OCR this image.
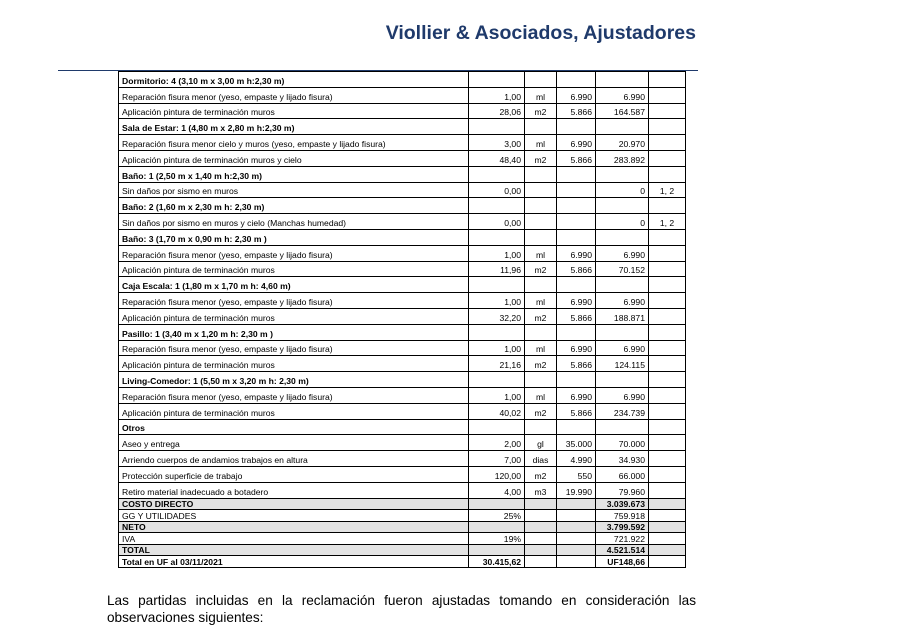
Viollier & Asociados, Ajustadores
Dormitorio: 4 (3,10 m x 3,00 m h:2,30 m)					
Reparación fisura menor (yeso, empaste y lijado fisura)	1,00	ml	6.990	6.990	
Aplicación pintura de terminación muros	28,06	m2	5.866	164.587	
Sala de Estar: 1 (4,80 m x 2,80 m h:2,30 m)					
Reparación fisura menor cielo y muros (yeso, empaste y lijado fisura)	3,00	ml	6.990	20.970	
Aplicación pintura de terminación muros y cielo	48,40	m2	5.866	283.892	
Baño: 1 (2,50 m x 1,40 m h:2,30 m)					
Sin daños por sismo en muros	0,00			0	1, 2
Baño: 2 (1,60 m x 2,30 m h: 2,30 m)					
Sin daños por sismo en muros y cielo (Manchas humedad)	0,00			0	1, 2
Baño: 3 (1,70 m x 0,90 m h: 2,30 m )					
Reparación fisura menor (yeso, empaste y lijado fisura)	1,00	ml	6.990	6.990	
Aplicación pintura de terminación muros	11,96	m2	5.866	70.152	
Caja Escala: 1 (1,80 m x 1,70 m h: 4,60 m)					
Reparación fisura menor (yeso, empaste y lijado fisura)	1,00	ml	6.990	6.990	
Aplicación pintura de terminación muros	32,20	m2	5.866	188.871	
Pasillo: 1 (3,40 m x 1,20 m h: 2,30 m )					
Reparación fisura menor (yeso, empaste y lijado fisura)	1,00	ml	6.990	6.990	
Aplicación pintura de terminación muros	21,16	m2	5.866	124.115	
Living-Comedor: 1 (5,50 m x 3,20 m h: 2,30 m)					
Reparación fisura menor (yeso, empaste y lijado fisura)	1,00	ml	6.990	6.990	
Aplicación pintura de terminación muros	40,02	m2	5.866	234.739	
Otros					
Aseo y entrega	2,00	gl	35.000	70.000	
Arriendo cuerpos de andamios trabajos en altura	7,00	dias	4.990	34.930	
Protección superficie de trabajo	120,00	m2	550	66.000	
Retiro material inadecuado a botadero	4,00	m3	19.990	79.960	
COSTO DIRECTO				3.039.673	
GG Y UTILIDADES	25%			759.918	
NETO				3.799.592	
IVA	19%			721.922	
TOTAL				4.521.514	
Total en UF al 03/11/2021	30.415,62			UF148,66	
Las partidas incluidas en la reclamación fueron ajustadas tomando en consideración las observaciones siguientes:
